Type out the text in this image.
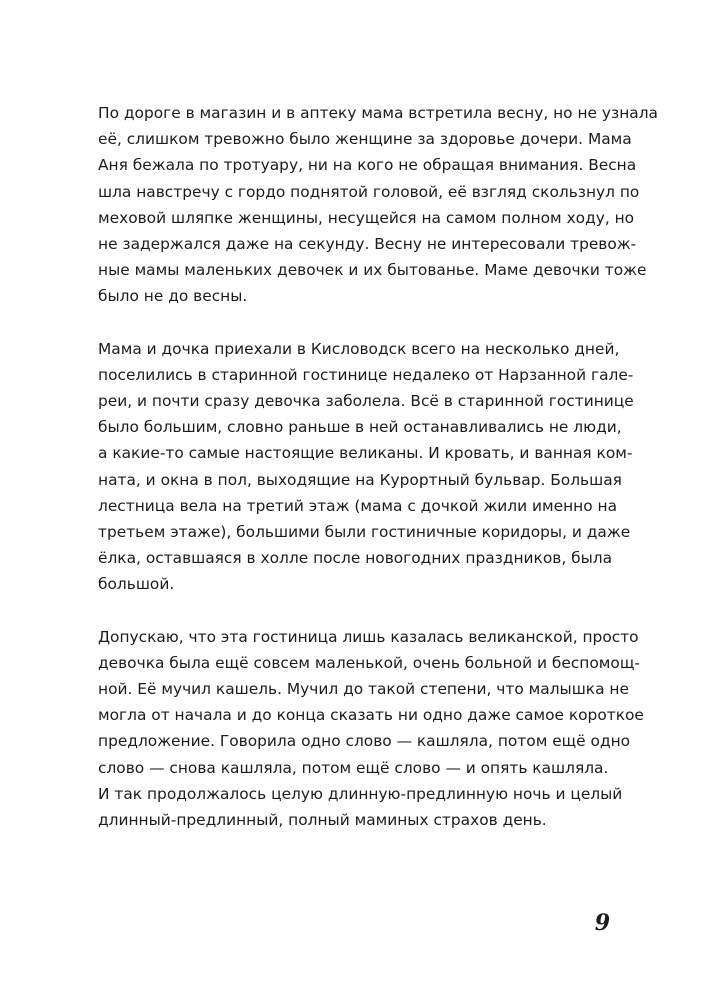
По дороге в магазин и в аптеку мама встретила весну, но не узнала
её, слишком тревожно было женщине за здоровье дочери. Мама
Аня бежала по тротуару, ни на кого не обращая внимания. Весна
шла навстречу с гордо поднятой головой, её взгляд скользнул по
меховой шляпке женщины, несущейся на самом полном ходу, но
не задержался даже на секунду. Весну не интересовали тревож-
ные мамы маленьких девочек и их бытованье. Маме девочки тоже
было не до весны.

Мама и дочка приехали в Кисловодск всего на несколько дней,
поселились в старинной гостинице недалеко от Нарзанной гале-
реи, и почти сразу девочка заболела. Всё в старинной гостинице
было большим, словно раньше в ней останавливались не люди,
а какие-то самые настоящие великаны. И кровать, и ванная ком-
ната, и окна в пол, выходящие на Курортный бульвар. Большая
лестница вела на третий этаж (мама с дочкой жили именно на
третьем этаже), большими были гостиничные коридоры, и даже
ёлка, оставшаяся в холле после новогодних праздников, была
большой.

Допускаю, что эта гостиница лишь казалась великанской, просто
девочка была ещё совсем маленькой, очень больной и беспомощ-
ной. Её мучил кашель. Мучил до такой степени, что малышка не
могла от начала и до конца сказать ни одно даже самое короткое
предложение. Говорила одно слово — кашляла, потом ещё одно
слово — снова кашляла, потом ещё слово — и опять кашляла.
И так продолжалось целую длинную-предлинную ночь и целый
длинный-предлинный, полный маминых страхов день.

9
